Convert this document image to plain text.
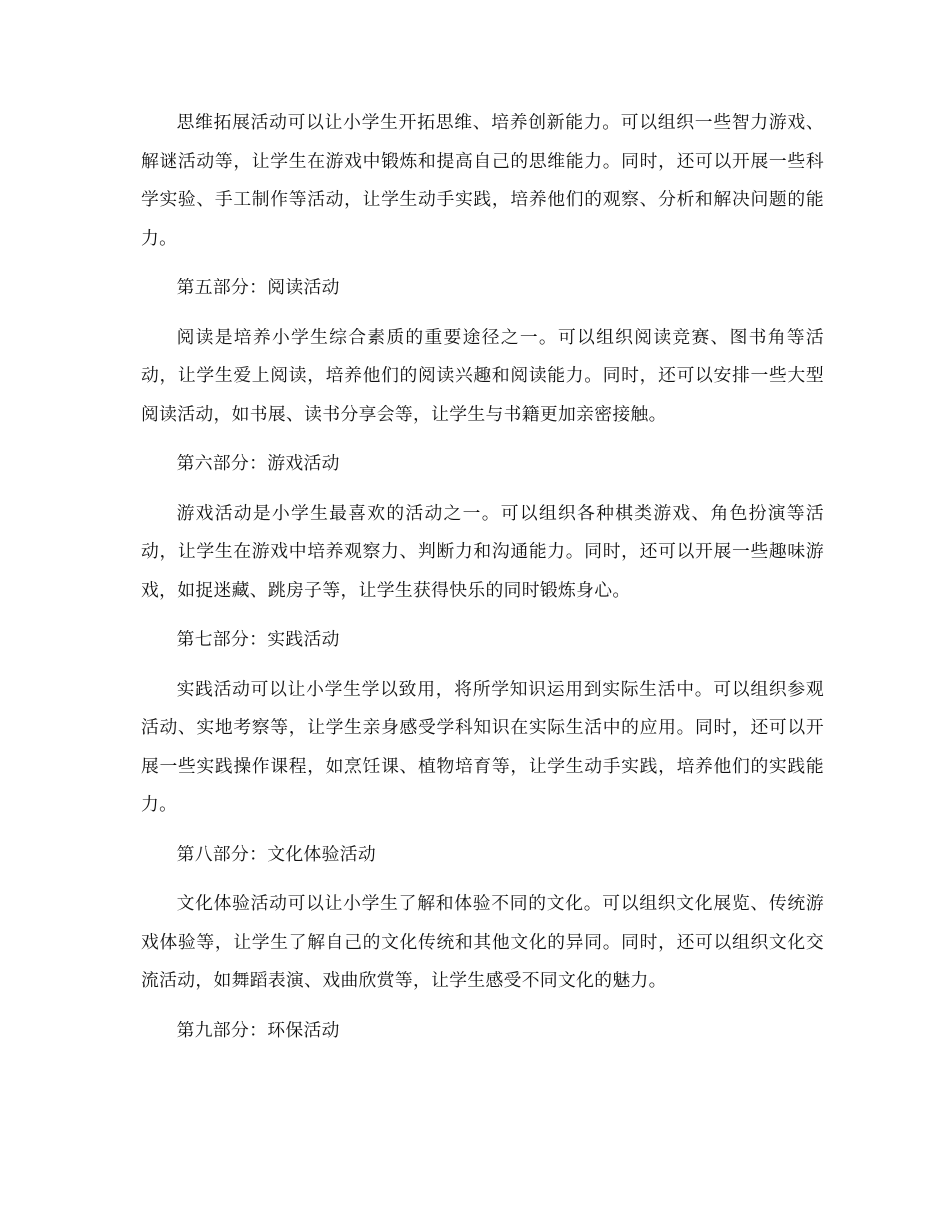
思维拓展活动可以让小学生开拓思维、培养创新能力。可以组织一些智力游戏、解谜活动等，让学生在游戏中锻炼和提高自己的思维能力。同时，还可以开展一些科学实验、手工制作等活动，让学生动手实践，培养他们的观察、分析和解决问题的能力。

第五部分：阅读活动

阅读是培养小学生综合素质的重要途径之一。可以组织阅读竞赛、图书角等活动，让学生爱上阅读，培养他们的阅读兴趣和阅读能力。同时，还可以安排一些大型阅读活动，如书展、读书分享会等，让学生与书籍更加亲密接触。

第六部分：游戏活动

游戏活动是小学生最喜欢的活动之一。可以组织各种棋类游戏、角色扮演等活动，让学生在游戏中培养观察力、判断力和沟通能力。同时，还可以开展一些趣味游戏，如捉迷藏、跳房子等，让学生获得快乐的同时锻炼身心。

第七部分：实践活动

实践活动可以让小学生学以致用，将所学知识运用到实际生活中。可以组织参观活动、实地考察等，让学生亲身感受学科知识在实际生活中的应用。同时，还可以开展一些实践操作课程，如烹饪课、植物培育等，让学生动手实践，培养他们的实践能力。

第八部分：文化体验活动

文化体验活动可以让小学生了解和体验不同的文化。可以组织文化展览、传统游戏体验等，让学生了解自己的文化传统和其他文化的异同。同时，还可以组织文化交流活动，如舞蹈表演、戏曲欣赏等，让学生感受不同文化的魅力。

第九部分：环保活动
